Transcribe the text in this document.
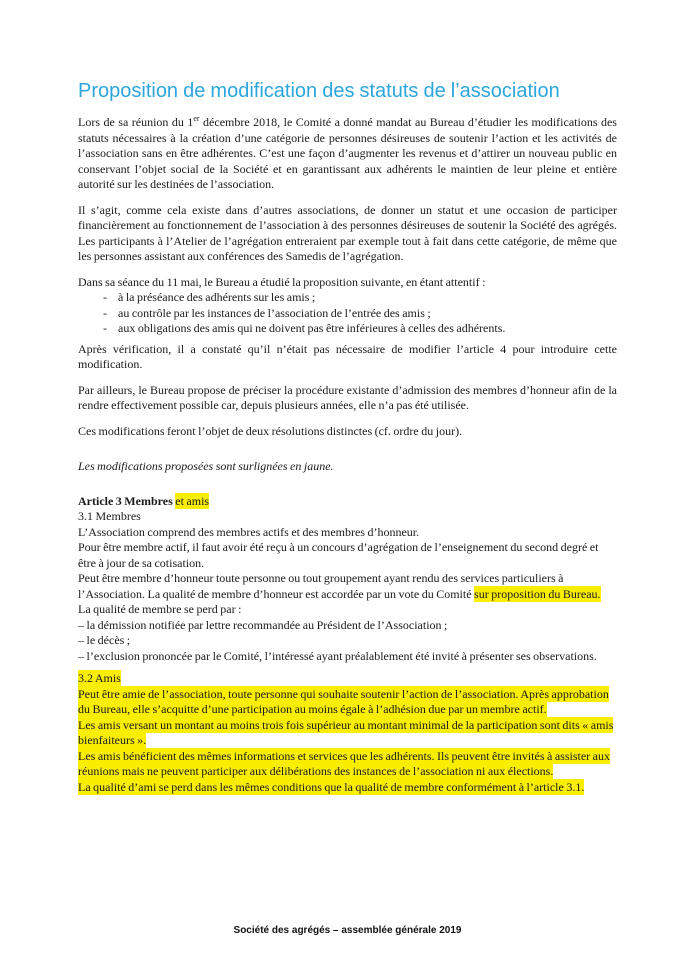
Proposition de modification des statuts de l’association

Lors de sa réunion du 1er décembre 2018, le Comité a donné mandat au Bureau d’étudier les modifications des statuts nécessaires à la création d’une catégorie de personnes désireuses de soutenir l’action et les activités de l’association sans en être adhérentes. C’est une façon d’augmenter les revenus et d’attirer un nouveau public en conservant l’objet social de la Société et en garantissant aux adhérents le maintien de leur pleine et entière autorité sur les destinées de l’association.

Il s’agit, comme cela existe dans d’autres associations, de donner un statut et une occasion de participer financièrement au fonctionnement de l’association à des personnes désireuses de soutenir la Société des agrégés. Les participants à l’Atelier de l’agrégation entreraient par exemple tout à fait dans cette catégorie, de même que les personnes assistant aux conférences des Samedis de l’agrégation.

Dans sa séance du 11 mai, le Bureau a étudié la proposition suivante, en étant attentif :

- à la préséance des adhérents sur les amis ;
- au contrôle par les instances de l’association de l’entrée des amis ;
- aux obligations des amis qui ne doivent pas être inférieures à celles des adhérents.

Après vérification, il a constaté qu’il n’était pas nécessaire de modifier l’article 4 pour introduire cette modification.

Par ailleurs, le Bureau propose de préciser la procédure existante d’admission des membres d’honneur afin de la rendre effectivement possible car, depuis plusieurs années, elle n’a pas été utilisée.

Ces modifications feront l’objet de deux résolutions distinctes (cf. ordre du jour).

Les modifications proposées sont surlignées en jaune.

Article 3 Membres et amis
3.1 Membres
L’Association comprend des membres actifs et des membres d’honneur.
Pour être membre actif, il faut avoir été reçu à un concours d’agrégation de l’enseignement du second degré et être à jour de sa cotisation.
Peut être membre d’honneur toute personne ou tout groupement ayant rendu des services particuliers à l’Association. La qualité de membre d’honneur est accordée par un vote du Comité sur proposition du Bureau.
La qualité de membre se perd par :
– la démission notifiée par lettre recommandée au Président de l’Association ;
– le décès ;
– l’exclusion prononcée par le Comité, l’intéressé ayant préalablement été invité à présenter ses observations.
3.2 Amis
Peut être amie de l’association, toute personne qui souhaite soutenir l’action de l’association. Après approbation du Bureau, elle s’acquitte d’une participation au moins égale à l’adhésion due par un membre actif.
Les amis versant un montant au moins trois fois supérieur au montant minimal de la participation sont dits « amis bienfaiteurs ».
Les amis bénéficient des mêmes informations et services que les adhérents. Ils peuvent être invités à assister aux réunions mais ne peuvent participer aux délibérations des instances de l’association ni aux élections.
La qualité d’ami se perd dans les mêmes conditions que la qualité de membre conformément à l’article 3.1.
Société des agrégés – assemblée générale 2019
